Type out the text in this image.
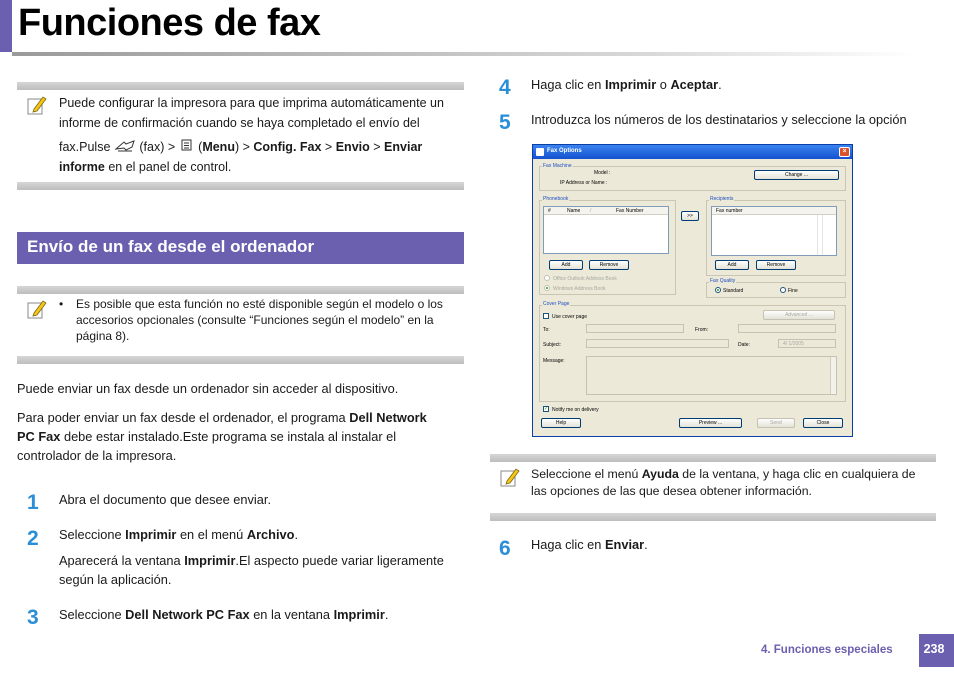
Funciones de fax
Puede configurar la impresora para que imprima automáticamente un
informe de confirmación cuando se haya completado el envío del
fax.Pulse (fax) > (Menu) > Config. Fax > Envio > Enviar
informe en el panel de control.
Envío de un fax desde el ordenador
• Es posible que esta función no esté disponible según el modelo o los
accesorios opcionales (consulte “Funciones según el modelo” en la
página 8).
Puede enviar un fax desde un ordenador sin acceder al dispositivo.
Para poder enviar un fax desde el ordenador, el programa Dell Network
PC Fax debe estar instalado.Este programa se instala al instalar el
controlador de la impresora.
1 Abra el documento que desee enviar.
2 Seleccione Imprimir en el menú Archivo.
Aparecerá la ventana Imprimir.El aspecto puede variar ligeramente
según la aplicación.
3 Seleccione Dell Network PC Fax en la ventana Imprimir.
4 Haga clic en Imprimir o Aceptar.
5 Introduzca los números de los destinatarios y seleccione la opción
Fax Options	×
Fax Machine
Model :
IP Address or Name :
Change ...
Phonebook
#	Name /	Fax Number
Add	Remove
Office Outlook Address Book
Windows Address Book
>>
Recipients
Fax number
Add	Remove
Fax Quality
Standard	Fine
Cover Page
Use cover page	Advanced ...
To:	From:
Subject:	Date:	4/ 1/2005
Message:
✓ Notify me on delivery
Help	Preview ...	Send	Close
Seleccione el menú Ayuda de la ventana, y haga clic en cualquiera de
las opciones de las que desea obtener información.
6 Haga clic en Enviar.
4. Funciones especiales	238
